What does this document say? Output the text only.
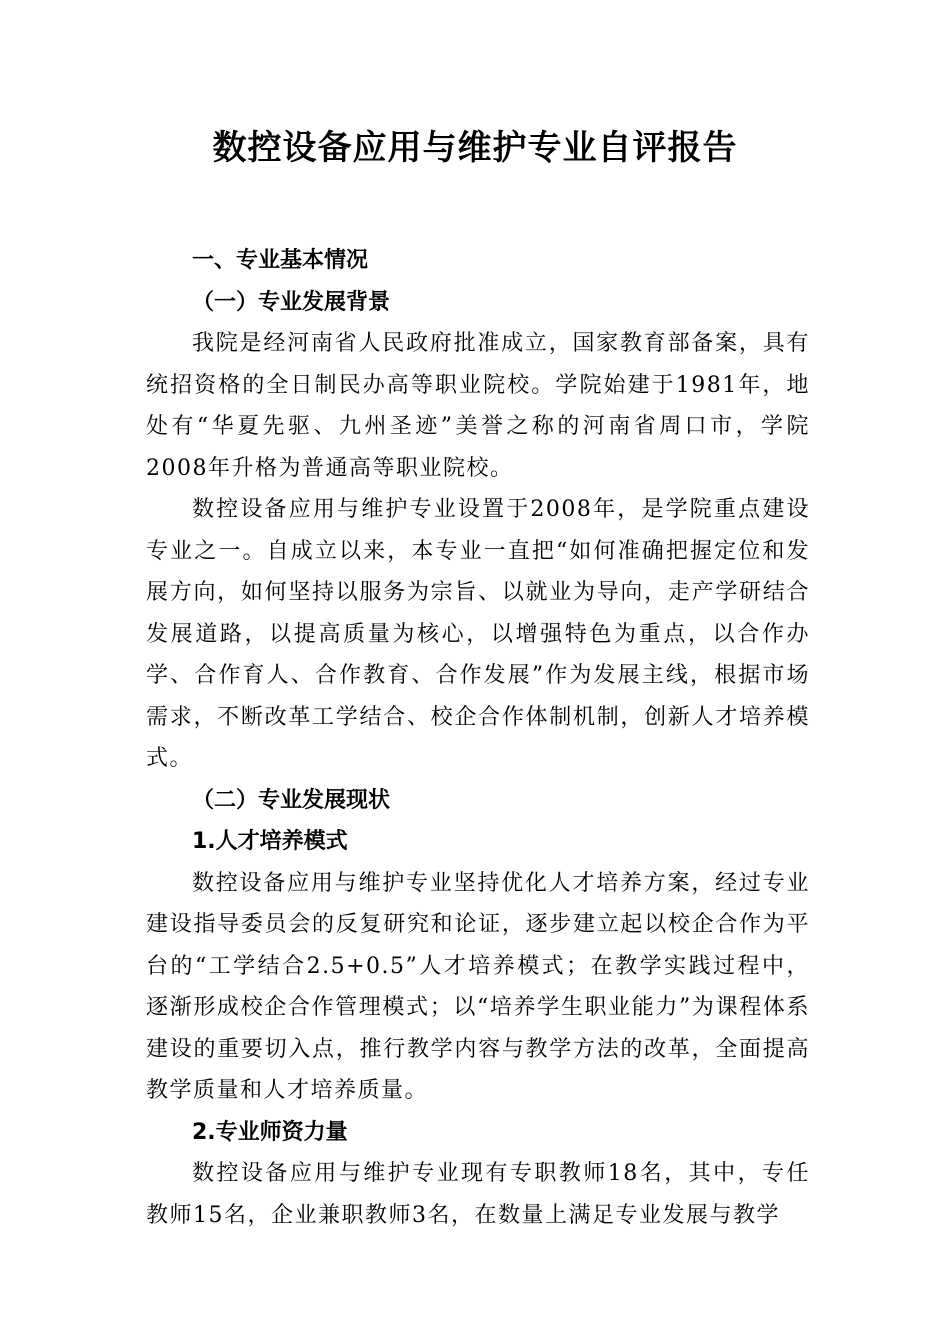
数控设备应用与维护专业自评报告
一、专业基本情况
（一）专业发展背景

我院是经河南省人民政府批准成立，国家教育部备案，具有统招资格的全日制民办高等职业院校。学院始建于1981年，地处有“华夏先驱、九州圣迹”美誉之称的河南省周口市，学院2008年升格为普通高等职业院校。

数控设备应用与维护专业设置于2008年，是学院重点建设专业之一。自成立以来，本专业一直把“如何准确把握定位和发展方向，如何坚持以服务为宗旨、以就业为导向，走产学研结合发展道路，以提高质量为核心，以增强特色为重点，以合作办学、合作育人、合作教育、合作发展”作为发展主线，根据市场需求，不断改革工学结合、校企合作体制机制，创新人才培养模式。

（二）专业发展现状
1.人才培养模式

数控设备应用与维护专业坚持优化人才培养方案，经过专业建设指导委员会的反复研究和论证，逐步建立起以校企合作为平台的“工学结合2.5+0.5”人才培养模式；在教学实践过程中，逐渐形成校企合作管理模式；以“培养学生职业能力”为课程体系建设的重要切入点，推行教学内容与教学方法的改革，全面提高教学质量和人才培养质量。

2.专业师资力量

数控设备应用与维护专业现有专职教师18名，其中，专任教师15名，企业兼职教师3名，在数量上满足专业发展与教学
